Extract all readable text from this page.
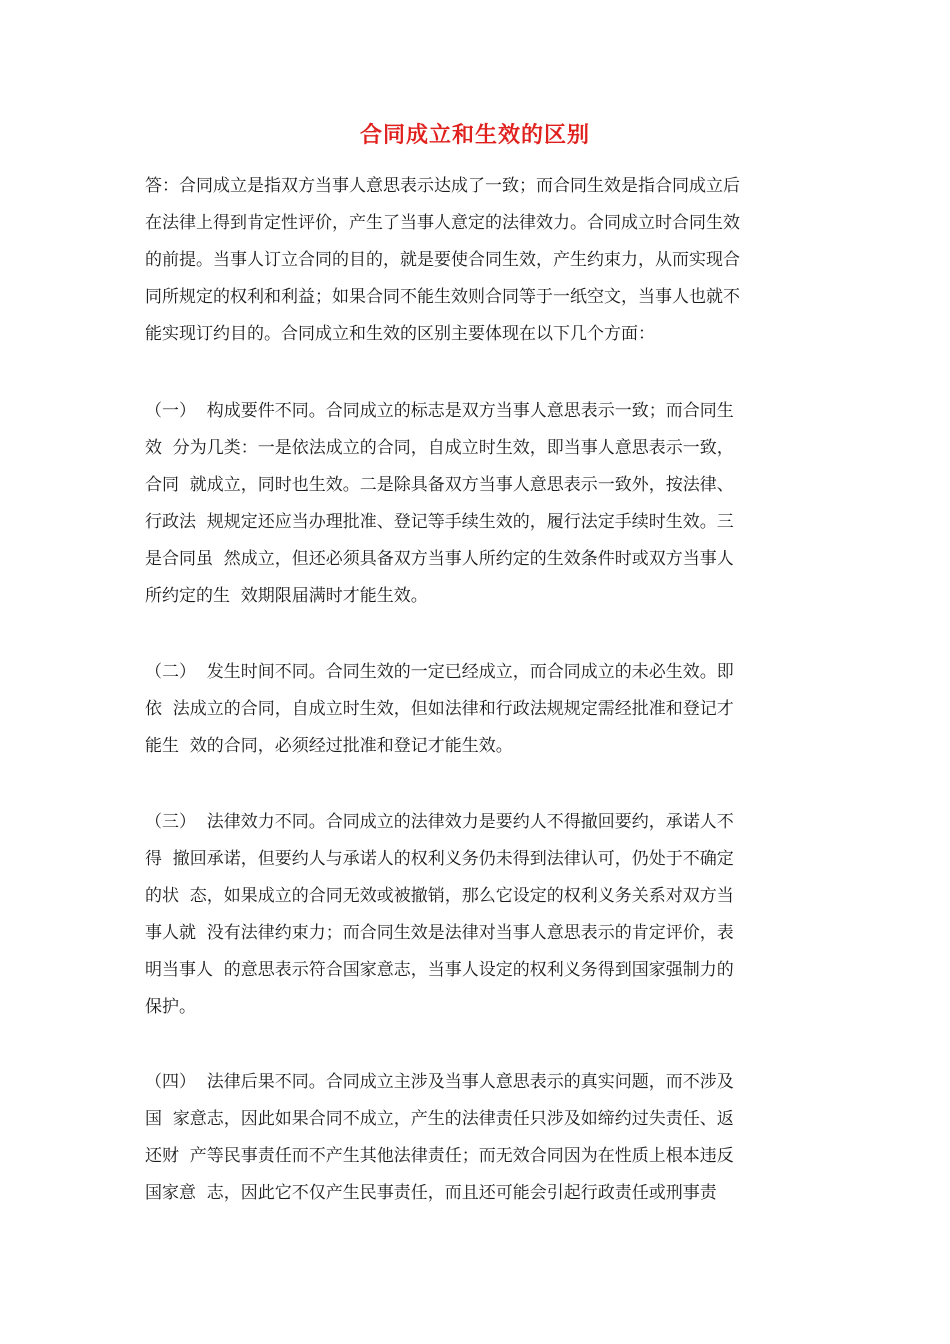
合同成立和生效的区别
答：合同成立是指双方当事人意思表示达成了一致；而合同生效是指合同成立后
在法律上得到肯定性评价，产生了当事人意定的法律效力。合同成立时合同生效
的前提。当事人订立合同的目的，就是要使合同生效，产生约束力，从而实现合
同所规定的权利和利益；如果合同不能生效则合同等于一纸空文，当事人也就不
能实现订约目的。合同成立和生效的区别主要体现在以下几个方面：
（一）  构成要件不同。合同成立的标志是双方当事人意思表示一致；而合同生
效  分为几类：一是依法成立的合同，自成立时生效，即当事人意思表示一致，
合同  就成立，同时也生效。二是除具备双方当事人意思表示一致外，按法律、
行政法  规规定还应当办理批准、登记等手续生效的，履行法定手续时生效。三
是合同虽  然成立，但还必须具备双方当事人所约定的生效条件时或双方当事人
所约定的生  效期限届满时才能生效。
（二）  发生时间不同。合同生效的一定已经成立，而合同成立的未必生效。即
依  法成立的合同，自成立时生效，但如法律和行政法规规定需经批准和登记才
能生  效的合同，必须经过批准和登记才能生效。
（三）  法律效力不同。合同成立的法律效力是要约人不得撤回要约，承诺人不
得  撤回承诺，但要约人与承诺人的权利义务仍未得到法律认可，仍处于不确定
的状  态，如果成立的合同无效或被撤销，那么它设定的权利义务关系对双方当
事人就  没有法律约束力；而合同生效是法律对当事人意思表示的肯定评价，表
明当事人  的意思表示符合国家意志，当事人设定的权利义务得到国家强制力的
保护。
（四）  法律后果不同。合同成立主涉及当事人意思表示的真实问题，而不涉及
国  家意志，因此如果合同不成立，产生的法律责任只涉及如缔约过失责任、返
还财  产等民事责任而不产生其他法律责任；而无效合同因为在性质上根本违反
国家意  志，因此它不仅产生民事责任，而且还可能会引起行政责任或刑事责
